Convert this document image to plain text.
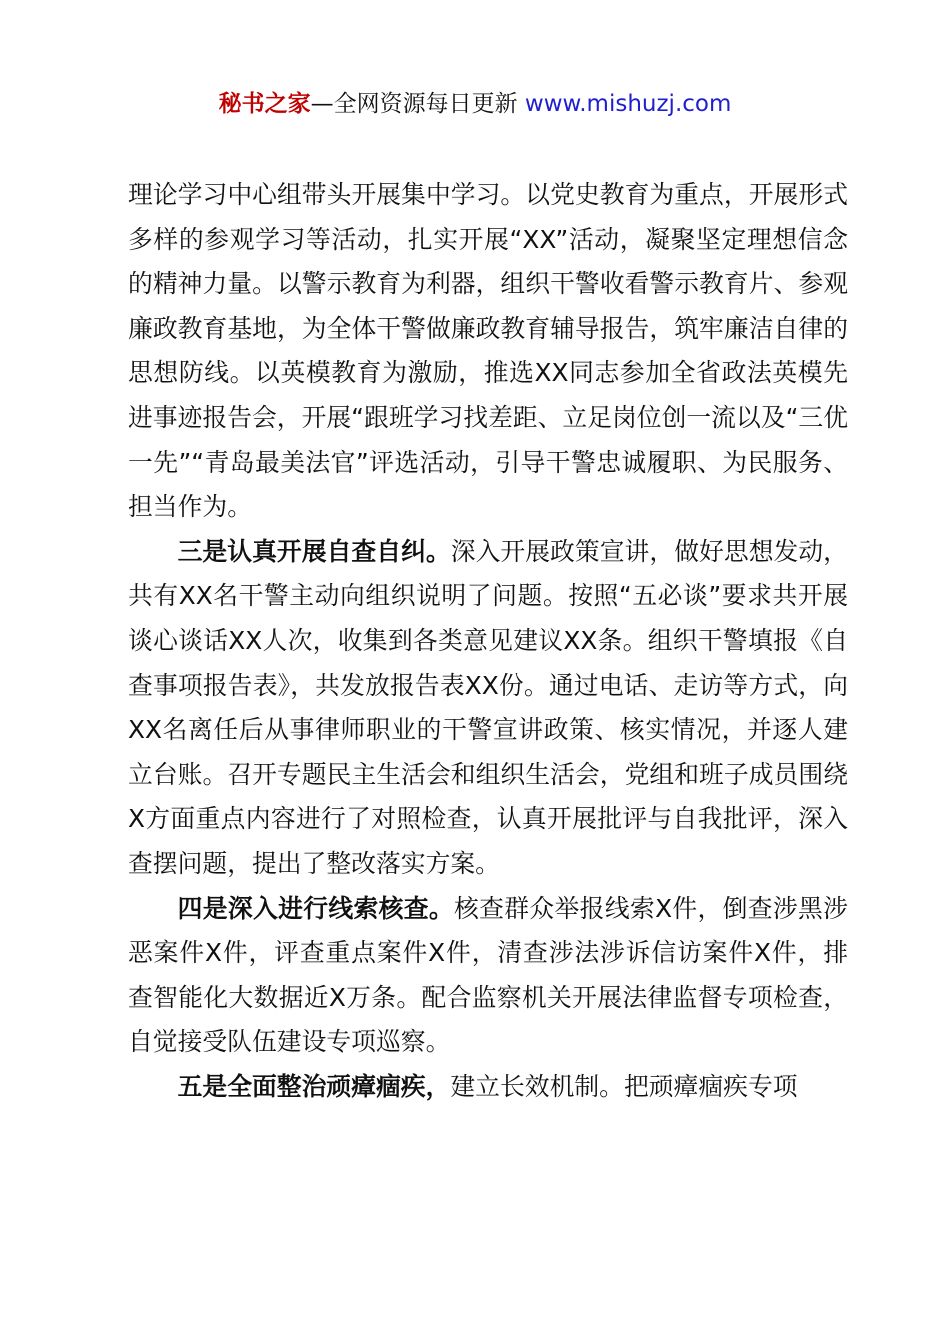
秘书之家—全网资源每日更新 www.mishuzj.com

理论学习中心组带头开展集中学习。以党史教育为重点，开展形式多样的参观学习等活动，扎实开展“XX”活动，凝聚坚定理想信念的精神力量。以警示教育为利器，组织干警收看警示教育片、参观廉政教育基地，为全体干警做廉政教育辅导报告，筑牢廉洁自律的思想防线。以英模教育为激励，推选XX同志参加全省政法英模先进事迹报告会，开展“跟班学习找差距、立足岗位创一流以及“三优一先”“青岛最美法官”评选活动，引导干警忠诚履职、为民服务、担当作为。

三是认真开展自查自纠。深入开展政策宣讲，做好思想发动，共有XX名干警主动向组织说明了问题。按照“五必谈”要求共开展谈心谈话XX人次，收集到各类意见建议XX条。组织干警填报《自查事项报告表》，共发放报告表XX份。通过电话、走访等方式，向XX名离任后从事律师职业的干警宣讲政策、核实情况，并逐人建立台账。召开专题民主生活会和组织生活会，党组和班子成员围绕X方面重点内容进行了对照检查，认真开展批评与自我批评，深入查摆问题，提出了整改落实方案。

四是深入进行线索核查。核查群众举报线索X件，倒查涉黑涉恶案件X件，评查重点案件X件，清查涉法涉诉信访案件X件，排查智能化大数据近X万条。配合监察机关开展法律监督专项检查，自觉接受队伍建设专项巡察。

五是全面整治顽瘴痼疾，建立长效机制。把顽瘴痼疾专项
